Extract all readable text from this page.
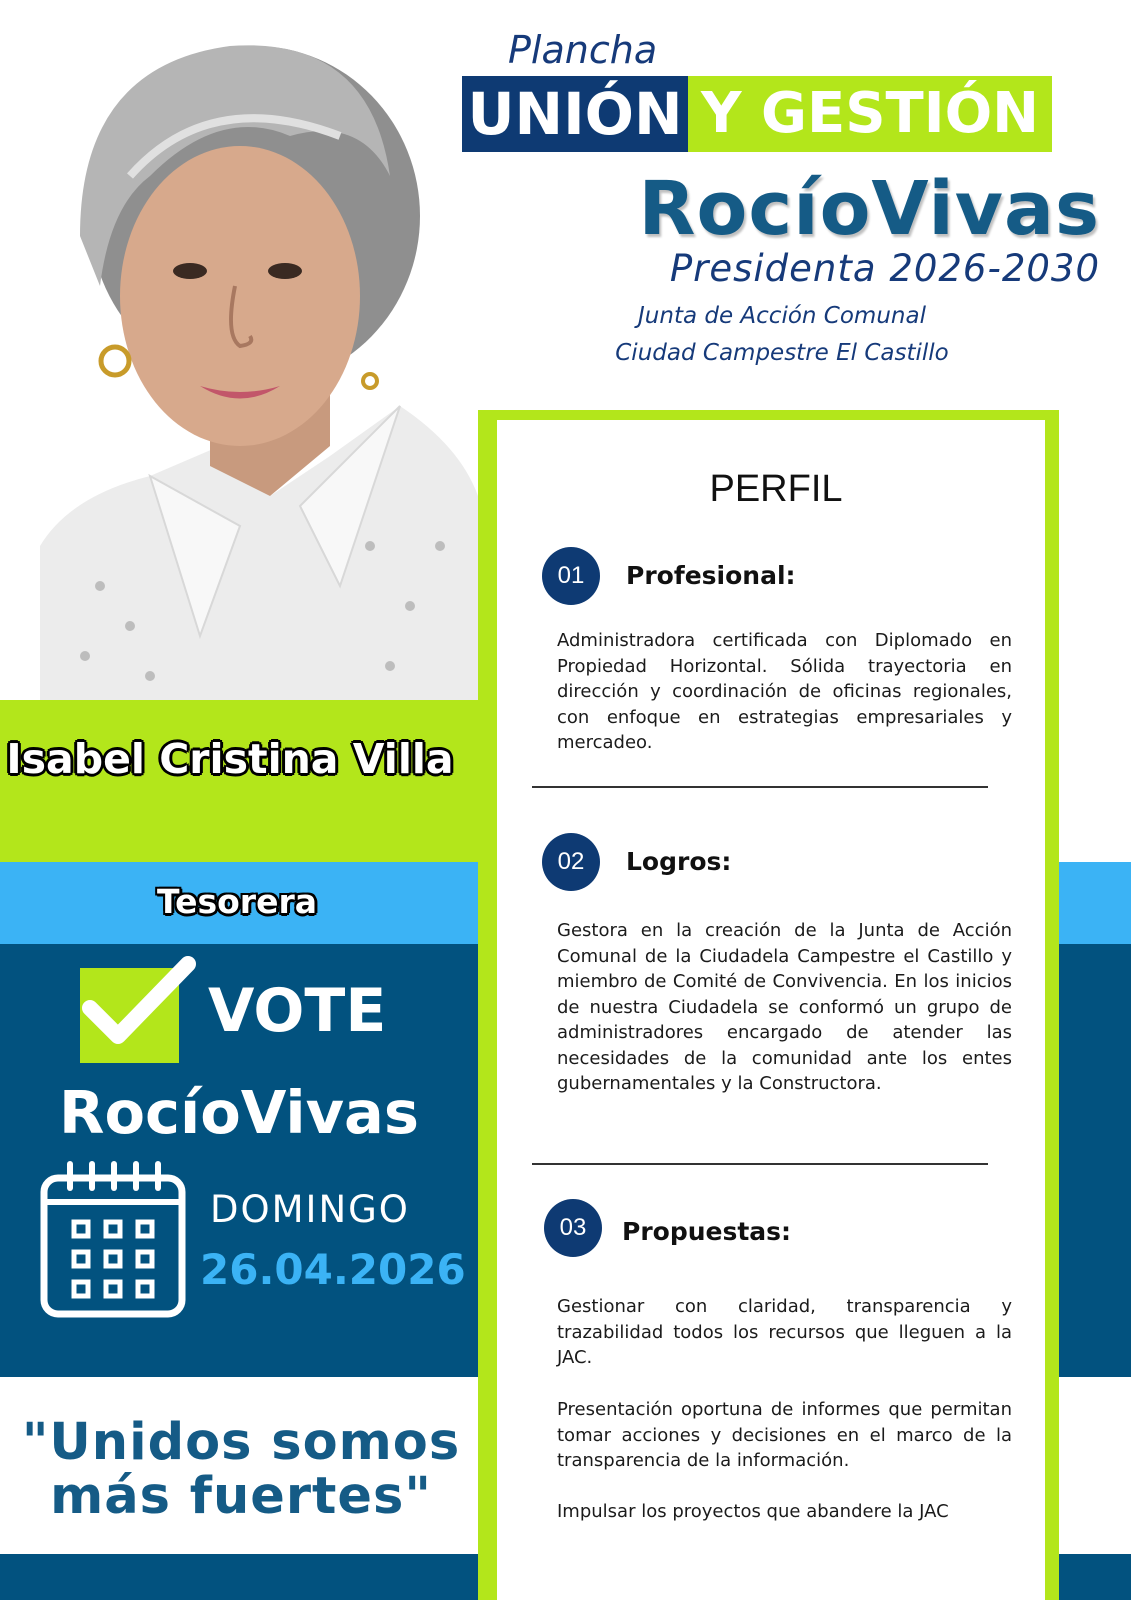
Plancha
UNIÓN Y GESTIÓN
RocíoVivas
Presidenta 2026-2030
Junta de Acción Comunal
Ciudad Campestre El Castillo
PERFIL
01	Profesional:
Administradora certificada con Diplomado en Propiedad Horizontal. Sólida trayectoria en dirección y coordinación de oficinas regionales, con enfoque en estrategias empresariales y mercadeo.
02	Logros:
Gestora en la creación de la Junta de Acción Comunal de la Ciudadela Campestre el Castillo y miembro de Comité de Convivencia. En los inicios de nuestra Ciudadela se conformó un grupo de administradores encargado de atender las necesidades de la comunidad ante los entes gubernamentales y la Constructora.
03	Propuestas:
Gestionar con claridad, transparencia y trazabilidad todos los recursos que lleguen a la JAC.
Presentación oportuna de informes que permitan tomar acciones y decisiones en el marco de la transparencia de la información.
Impulsar los proyectos que abandere la JAC
Isabel Cristina Villa
Tesorera
VOTE
RocíoVivas
DOMINGO
26.04.2026
"Unidos somos más fuertes"
